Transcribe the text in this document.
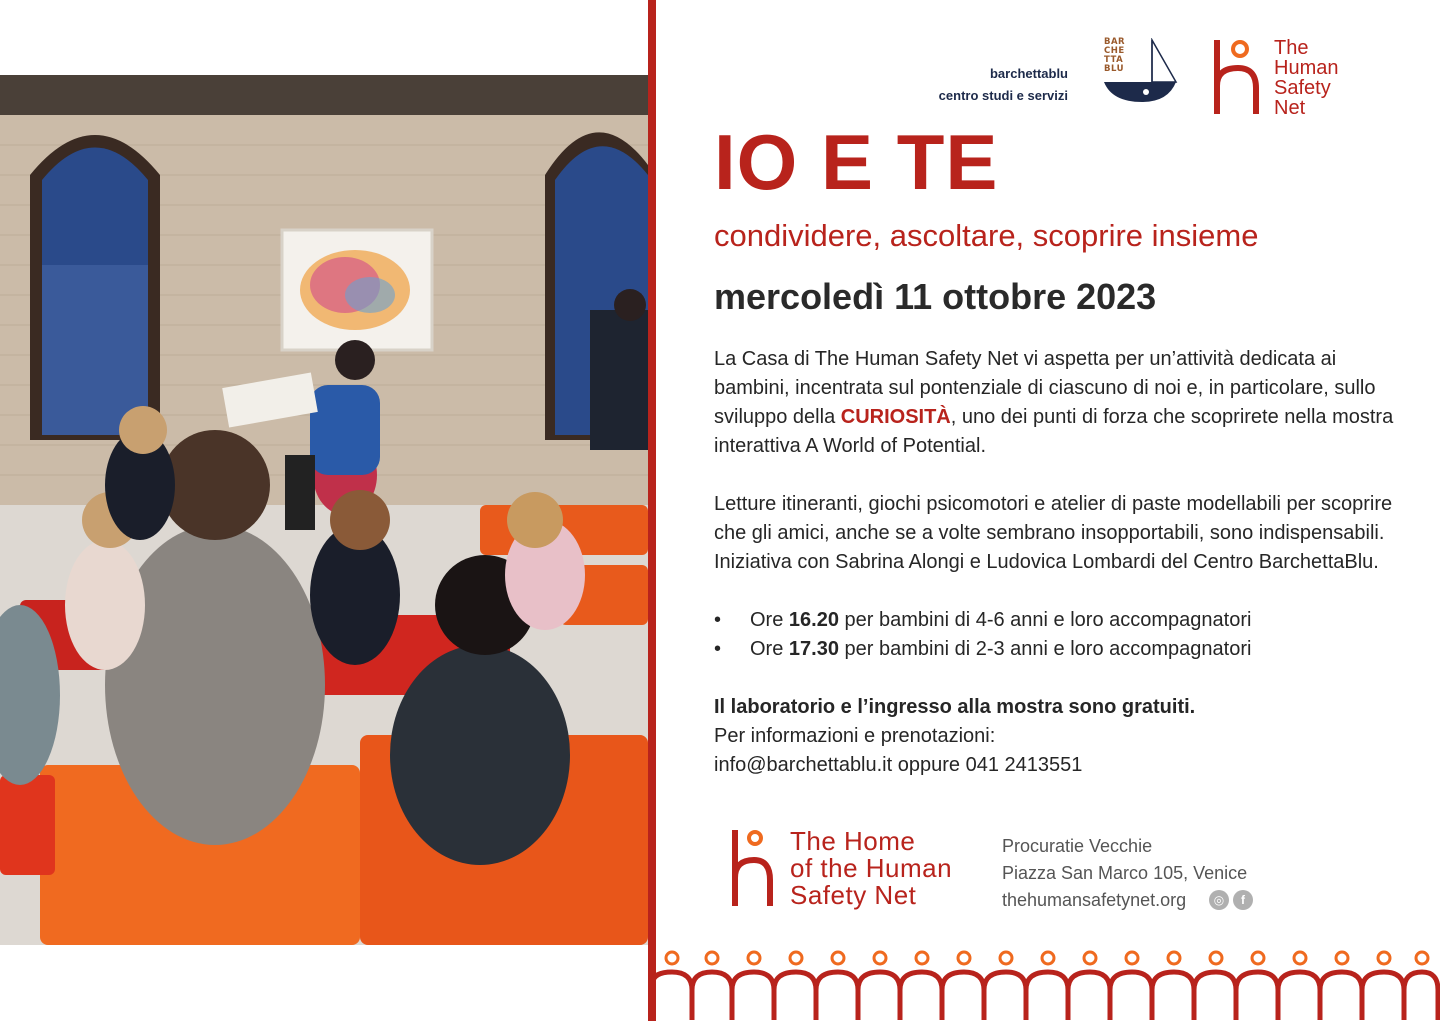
barchettablu
centro studi e servizi
BAR
CHE
TTA
BLU
The
Human
Safety
Net
IO E TE
condividere, ascoltare, scoprire insieme
mercoledì 11 ottobre 2023

La Casa di The Human Safety Net vi aspetta per un’attività dedicata ai bambini, incentrata sul pontenziale di ciascuno di noi e, in particolare, sullo sviluppo della CURIOSITÀ, uno dei punti di forza che scoprirete nella mostra interattiva A World of Potential.

Letture itineranti, giochi psicomotori e atelier di paste modellabili per scoprire che gli amici, anche se a volte sembrano insopportabili, sono indispensabili. Iniziativa con Sabrina Alongi e Ludovica Lombardi del Centro BarchettaBlu.

• Ore 16.20 per bambini di 4-6 anni e loro accompagnatori
• Ore 17.30 per bambini di 2-3 anni e loro accompagnatori

Il laboratorio e l’ingresso alla mostra sono gratuiti.

Per informazioni e prenotazioni:

info@barchettablu.it oppure 041 2413551

The Home
of the Human
Safety Net
Procuratie Vecchie
Piazza San Marco 105, Venice
thehumansafetynet.org	◎ f
